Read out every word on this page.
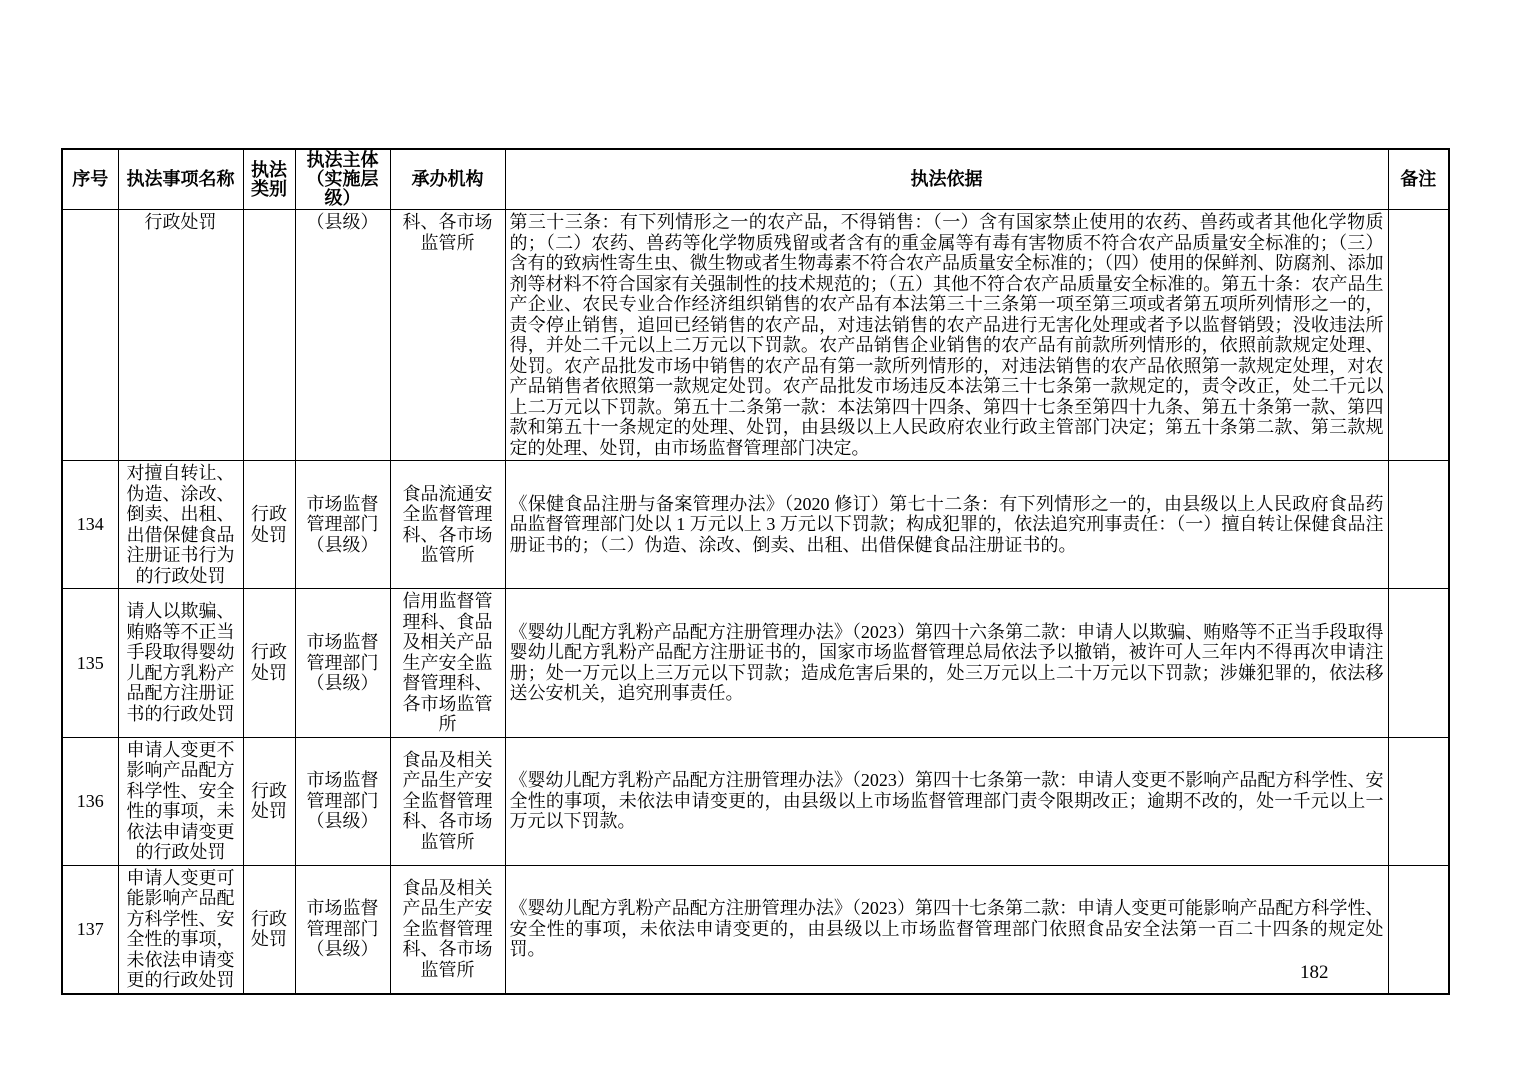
序号	执法事项名称	执法类别	执法主体（实施层级）	承办机构	执法依据	备注
	行政处罚		（县级）	科、各市场监管所	第三十三条：有下列情形之一的农产品，不得销售：（一）含有国家禁止使用的农药、兽药或者其他化学物质的；（二）农药、兽药等化学物质残留或者含有的重金属等有毒有害物质不符合农产品质量安全标准的；（三）含有的致病性寄生虫、微生物或者生物毒素不符合农产品质量安全标准的；（四）使用的保鲜剂、防腐剂、添加剂等材料不符合国家有关强制性的技术规范的；（五）其他不符合农产品质量安全标准的。第五十条：农产品生产企业、农民专业合作经济组织销售的农产品有本法第三十三条第一项至第三项或者第五项所列情形之一的，责令停止销售，追回已经销售的农产品，对违法销售的农产品进行无害化处理或者予以监督销毁；没收违法所得，并处二千元以上二万元以下罚款。农产品销售企业销售的农产品有前款所列情形的，依照前款规定处理、处罚。农产品批发市场中销售的农产品有第一款所列情形的，对违法销售的农产品依照第一款规定处理，对农产品销售者依照第一款规定处罚。农产品批发市场违反本法第三十七条第一款规定的，责令改正，处二千元以上二万元以下罚款。第五十二条第一款：本法第四十四条、第四十七条至第四十九条、第五十条第一款、第四款和第五十一条规定的处理、处罚，由县级以上人民政府农业行政主管部门决定；第五十条第二款、第三款规定的处理、处罚，由市场监督管理部门决定。	
134	对擅自转让、伪造、涂改、倒卖、出租、出借保健食品注册证书行为的行政处罚	行政处罚	市场监督管理部门（县级）	食品流通安全监督管理科、各市场监管所	《保健食品注册与备案管理办法》（2020 修订）第七十二条：有下列情形之一的，由县级以上人民政府食品药品监督管理部门处以 1 万元以上 3 万元以下罚款；构成犯罪的，依法追究刑事责任：（一）擅自转让保健食品注册证书的；（二）伪造、涂改、倒卖、出租、出借保健食品注册证书的。	
135	请人以欺骗、贿赂等不正当手段取得婴幼儿配方乳粉产品配方注册证书的行政处罚	行政处罚	市场监督管理部门（县级）	信用监督管理科、食品及相关产品生产安全监督管理科、各市场监管所	《婴幼儿配方乳粉产品配方注册管理办法》（2023）第四十六条第二款：申请人以欺骗、贿赂等不正当手段取得婴幼儿配方乳粉产品配方注册证书的，国家市场监督管理总局依法予以撤销，被许可人三年内不得再次申请注册；处一万元以上三万元以下罚款；造成危害后果的，处三万元以上二十万元以下罚款；涉嫌犯罪的，依法移送公安机关，追究刑事责任。	
136	申请人变更不影响产品配方科学性、安全性的事项，未依法申请变更的行政处罚	行政处罚	市场监督管理部门（县级）	食品及相关产品生产安全监督管理科、各市场监管所	《婴幼儿配方乳粉产品配方注册管理办法》（2023）第四十七条第一款：申请人变更不影响产品配方科学性、安全性的事项，未依法申请变更的，由县级以上市场监督管理部门责令限期改正；逾期不改的，处一千元以上一万元以下罚款。	
137	申请人变更可能影响产品配方科学性、安全性的事项，未依法申请变更的行政处罚	行政处罚	市场监督管理部门（县级）	食品及相关产品生产安全监督管理科、各市场监管所	《婴幼儿配方乳粉产品配方注册管理办法》（2023）第四十七条第二款：申请人变更可能影响产品配方科学性、安全性的事项，未依法申请变更的，由县级以上市场监督管理部门依照食品安全法第一百二十四条的规定处罚。	
182
